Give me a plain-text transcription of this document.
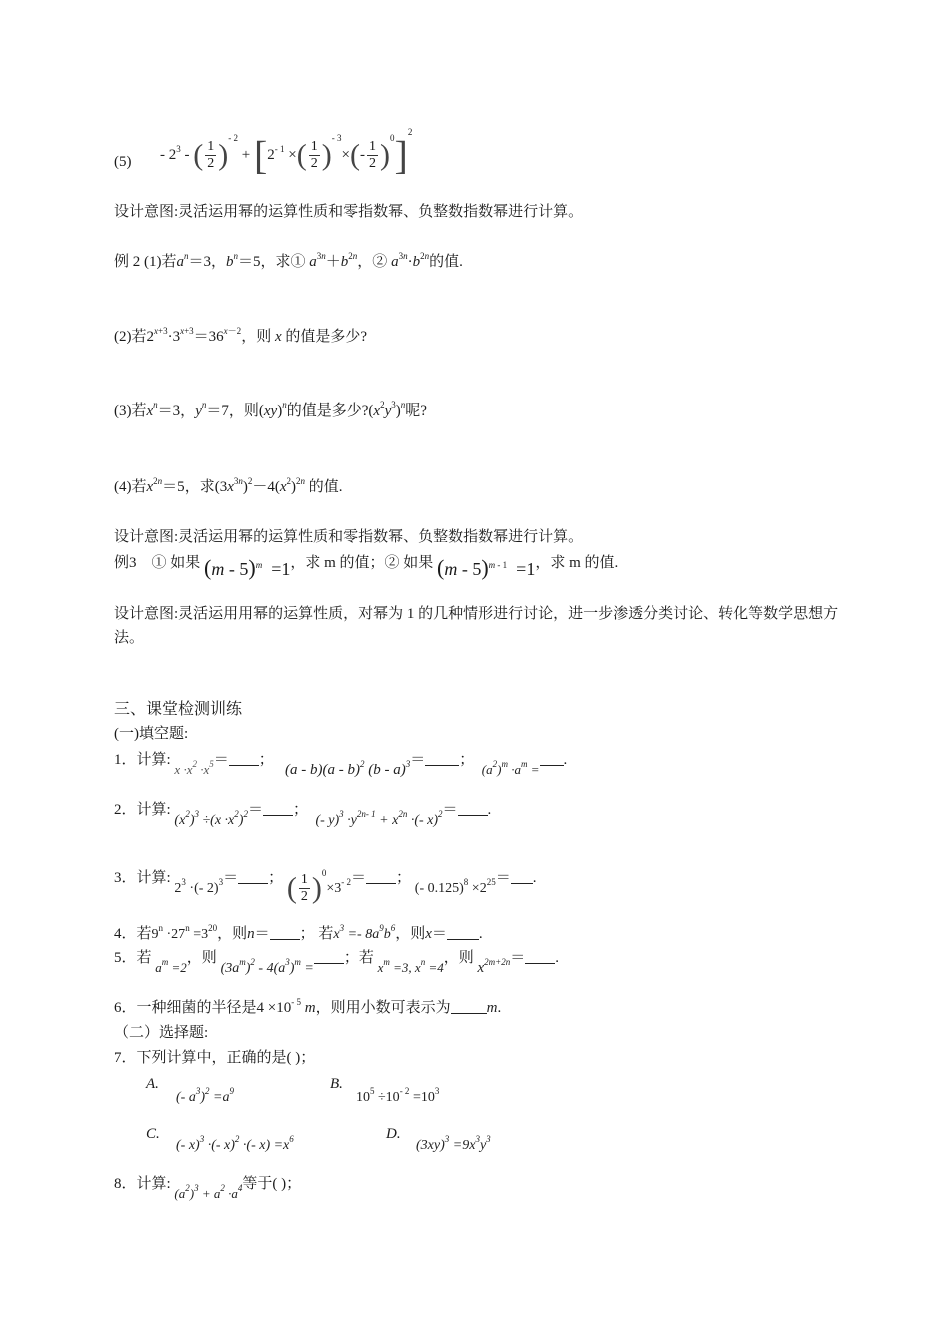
$(5) - 2^3$ - ( $\frac{1}{2} )^{- 2} + [2^{- 1}$ ×( $\frac{1}{2} )^{- 3}\times(- \frac{1}{2} )^0]^2$
设计意图:灵活运用幂的运算性质和零指数幂、负整数指数幂进行计算。
例 2 (1)若$a^n=3$，$b^n=5$，求① $a^{3n}+b^{2n}$，② $a^{3n}\cdot b^{2n}$的值.
(2)若$2^{x+3}\cdot 3^{x+3}=36^{x-2}$，则 x 的值是多少?
(3)若$x^n=3$，$y^n=7$，则(xy)$^n$的值是多少$?(x^2y^3)^n$呢?
(4)若$x^{2n}=5$，求$(3x^{3n})^2-4(x^2)^{2n}$ 的值.
设计意图:灵活运用幂的运算性质和零指数幂、负整数指数幂进行计算。
例3 ① 如果 (m - 5)$^m$  =1，求 m 的值；② 如果 (m - 5)$^{m - 1}$  =1，求 m 的值.
设计意图:灵活运用用幂的运算性质，对幂为 1 的几种情形进行讨论，进一步渗透分类讨论、转化等数学思想方法。
三、课堂检测训练
(一)填空题:
1．计算: $x \cdot x^2 \cdot x^5=$ ；   (a - b)(a - b)$^2$ (b - a)$^3$＝ ；  $(a^2)^m \cdot a^m$ =.
2．计算: $(x^2)^3 \div(x \cdot x^2)^2=$ ；  (- $y)^3 \cdot y^{2n- 1} + x^{2n}$ ·(- x)$^2$＝ .
3．计算: $2^3$ ·(- 2)$^3$＝ ； ( $\frac{1}{2} )^0\times 3^{- 2}=$ ； (- $0.125)^8 \times 2^{25}=$ .
4．若$9^n \cdot 27^n =3^{20}$，则n＝ ； 若$x^3 =- 8a^9b^6$，则x＝ .
5．若 $a^m =2$，则 $(3a^m)^2 - 4(a^3)^m$ =；若 $x^m =3$, $x^n =4$，则 $x^{2m+2n}=$ .
6．一种细菌的半径是$4 \times 10^{- 5}$ m，则用小数可表示为 m.
（二）选择题:
7．下列计算中，正确的是( )；
A.
(- $a^3)^2 =a^9$	B.
$10^5 \div 10^{- 2} =10^3$
C.
(- x)$^3$ ·(- x)$^2$ ·(- $x) =x^6$	D.
$(3xy)^3 =9x^3y^3$
8．计算: $(a^2)^3 + a^2 \cdot a^4$等于( )；
